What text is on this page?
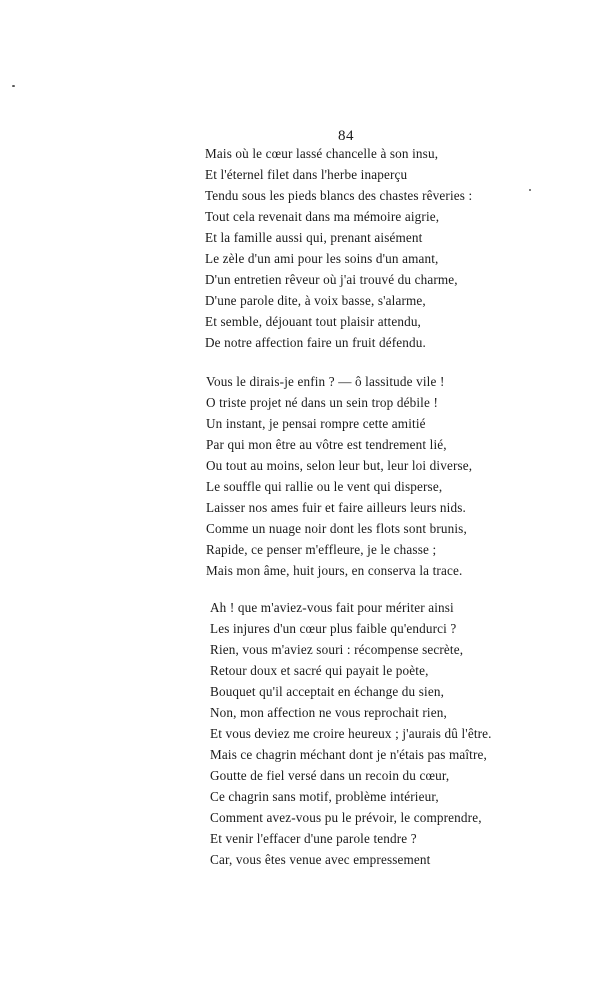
84
Mais où le cœur lassé chancelle à son insu,
Et l'éternel filet dans l'herbe inaperçu
Tendu sous les pieds blancs des chastes rêveries :
Tout cela revenait dans ma mémoire aigrie,
Et la famille aussi qui, prenant aisément
Le zèle d'un ami pour les soins d'un amant,
D'un entretien rêveur où j'ai trouvé du charme,
D'une parole dite, à voix basse, s'alarme,
Et semble, déjouant tout plaisir attendu,
De notre affection faire un fruit défendu.
Vous le dirais-je enfin ? — ô lassitude vile !
O triste projet né dans un sein trop débile !
Un instant, je pensai rompre cette amitié
Par qui mon être au vôtre est tendrement lié,
Ou tout au moins, selon leur but, leur loi diverse,
Le souffle qui rallie ou le vent qui disperse,
Laisser nos ames fuir et faire ailleurs leurs nids.
Comme un nuage noir dont les flots sont brunis,
Rapide, ce penser m'effleure, je le chasse ;
Mais mon âme, huit jours, en conserva la trace.
Ah ! que m'aviez-vous fait pour mériter ainsi
Les injures d'un cœur plus faible qu'endurci ?
Rien, vous m'aviez souri : récompense secrète,
Retour doux et sacré qui payait le poète,
Bouquet qu'il acceptait en échange du sien,
Non, mon affection ne vous reprochait rien,
Et vous deviez me croire heureux ; j'aurais dû l'être.
Mais ce chagrin méchant dont je n'étais pas maître,
Goutte de fiel versé dans un recoin du cœur,
Ce chagrin sans motif, problème intérieur,
Comment avez-vous pu le prévoir, le comprendre,
Et venir l'effacer d'une parole tendre ?
Car, vous êtes venue avec empressement
